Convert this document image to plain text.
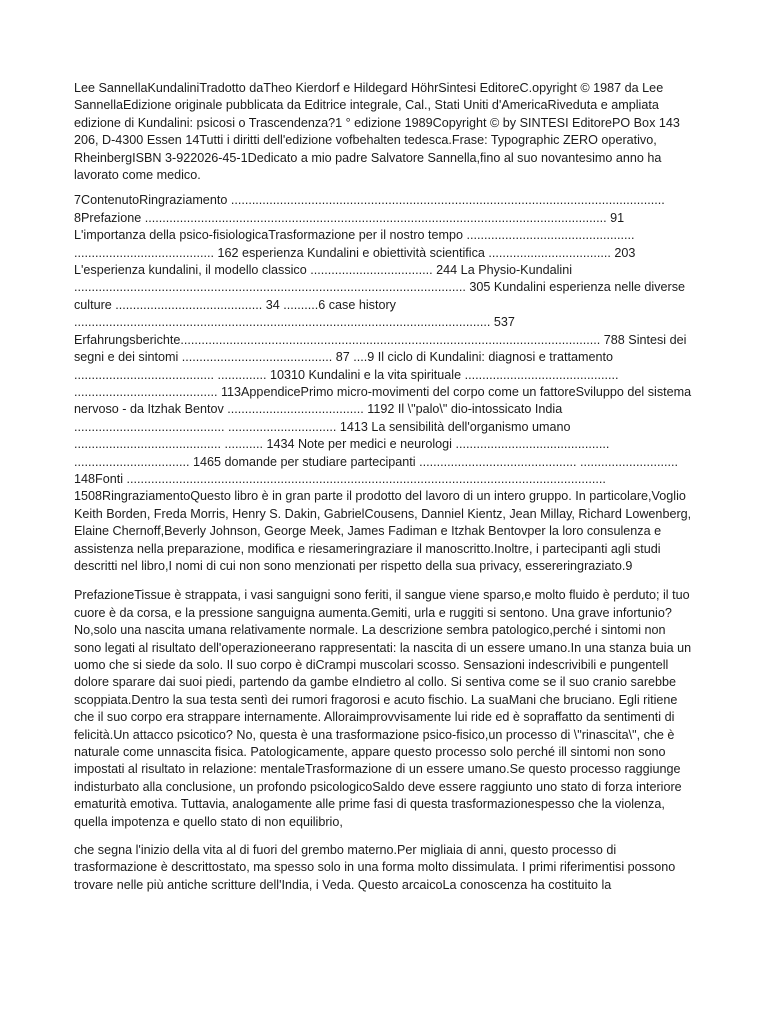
Lee SannellaKundaliniTradotto daTheo Kierdorf e Hildegard HöhrSintesi EditoreC.opyright © 1987 da Lee SannellaEdizione originale pubblicata da Editrice integrale, Cal., Stati Uniti d'AmericaRiveduta e ampliata edizione di Kundalini: psicosi o Trascendenza?1 ° edizione 1989Copyright © by SINTESI EditorePO Box 143 206, D-4300 Essen 14Tutti i diritti dell'edizione vofbehalten tedesca.Frase: Typographic ZERO operativo, RheinbergISBN 3-922026-45-1Dedicato a mio padre Salvatore Sannella,fino al suo novantesimo anno ha lavorato come medico.

7ContenutoRingraziamento ............................................................................................................................ 8Prefazione .................................................................................................................................... 91 L'importanza della psico-fisiologicaTrasformazione per il nostro tempo ................................................ ........................................ 162 esperienza Kundalini e obiettività scientifica ................................... 203 L'esperienza kundalini, il modello classico ................................... 244 La Physio-Kundalini ................................................................................................................ 305 Kundalini esperienza nelle diverse culture .......................................... 34 ..........6 case history ....................................................................................................................... 537 Erfahrungsberichte........................................................................................................................ 788 Sintesi dei segni e dei sintomi ........................................... 87 ....9 Il ciclo di Kundalini: diagnosi e trattamento ........................................ .............. 10310 Kundalini e la vita spirituale ............................................ ......................................... 113AppendicePrimo micro-movimenti del corpo come un fattoreSviluppo del sistema nervoso - da Itzhak Bentov ....................................... 1192 Il \"palo\" dio-intossicato India ........................................... ............................... 1413 La sensibilità dell'organismo umano .......................................... ........... 1434 Note per medici e neurologi ............................................ ................................. 1465 domande per studiare partecipanti ............................................. ............................ 148Fonti ......................................................................................................................................... 1508RingraziamentoQuesto libro è in gran parte il prodotto del lavoro di un intero gruppo. In particolare,Voglio Keith Borden, Freda Morris, Henry S. Dakin, GabrielCousens, Danniel Kientz, Jean Millay, Richard Lowenberg, Elaine Chernoff,Beverly Johnson, George Meek, James Fadiman e Itzhak Bentovper la loro consulenza e assistenza nella preparazione, modifica e riesameringraziare il manoscritto.Inoltre, i partecipanti agli studi descritti nel libro,I nomi di cui non sono menzionati per rispetto della sua privacy, essereringraziato.9

PrefazioneTissue è strappata, i vasi sanguigni sono feriti, il sangue viene sparso,e molto fluido è perduto; il tuo cuore è da corsa, e la pressione sanguigna aumenta.Gemiti, urla e ruggiti si sentono. Una grave infortunio? No,solo una nascita umana relativamente normale. La descrizione sembra patologico,perché i sintomi non sono legati al risultato dell'operazioneerano rappresentati: la nascita di un essere umano.In una stanza buia un uomo che si siede da solo. Il suo corpo è diCrampi muscolari scosso. Sensazioni indescrivibili e pungentell dolore sparare dai suoi piedi, partendo da gambe eIndietro al collo. Si sentiva come se il suo cranio sarebbe scoppiata.Dentro la sua testa sentì dei rumori fragorosi e acuto fischio. La suaMani che bruciano. Egli ritiene che il suo corpo era strappare internamente. Alloraimprovvisamente lui ride ed è sopraffatto da sentimenti di felicità.Un attacco psicotico? No, questa è una trasformazione psico-fisico,un processo di \"rinascita\", che è naturale come unnascita fisica. Patologicamente, appare questo processo solo perché ill sintomi non sono impostati al risultato in relazione: mentaleTrasformazione di un essere umano.Se questo processo raggiunge indisturbato alla conclusione, un profondo psicologicoSaldo deve essere raggiunto uno stato di forza interiore ematurità emotiva. Tuttavia, analogamente alle prime fasi di questa trasformazionespesso che la violenza, quella impotenza e quello stato di non equilibrio,

che segna l'inizio della vita al di fuori del grembo materno.Per migliaia di anni, questo processo di trasformazione è descrittostato, ma spesso solo in una forma molto dissimulata. I primi riferimentisi possono trovare nelle più antiche scritture dell'India, i Veda. Questo arcaicoLa conoscenza ha costituito la
